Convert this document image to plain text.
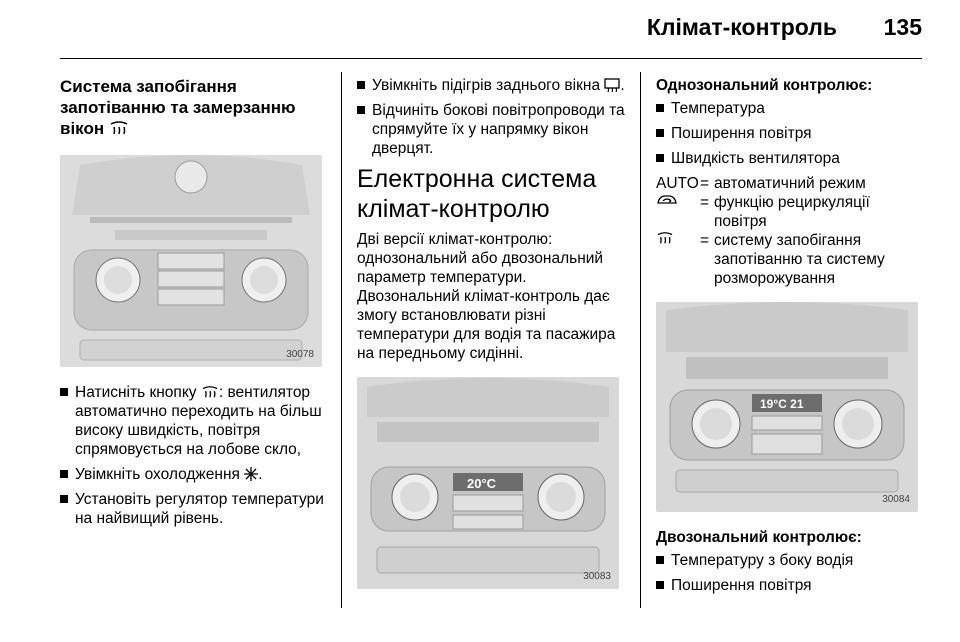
Клімат-контроль 135
Система запобігання запотіванню та замерзанню вікон
30078
Натисніть кнопку : вентилятор автоматично переходить на більш високу швидкість, повітря спрямовується на лобове скло,
Увімкніть охолодження .
Установіть регулятор температури на найвищий рівень.
Увімкніть підігрів заднього вікна .
Відчиніть бокові повітропроводи та спрямуйте їх у напрямку вікон дверцят.
Електронна система клімат-контролю
Дві версії клімат-контролю: однозональний або двозональний параметр температури.
Двозональний клімат-контроль дає змогу встановлювати різні температури для водія та пасажира на передньому сидінні.
20°C
30083
Однозональний контролює:
Температура
Поширення повітря
Швидкість вентилятора
AUTO	=	автоматичний режим
	=	функцію рециркуляції повітря
	=	систему запобігання запотіванню та систему розморожування
19°C 21
30084
Двозональний контролює:
Температуру з боку водія
Поширення повітря
